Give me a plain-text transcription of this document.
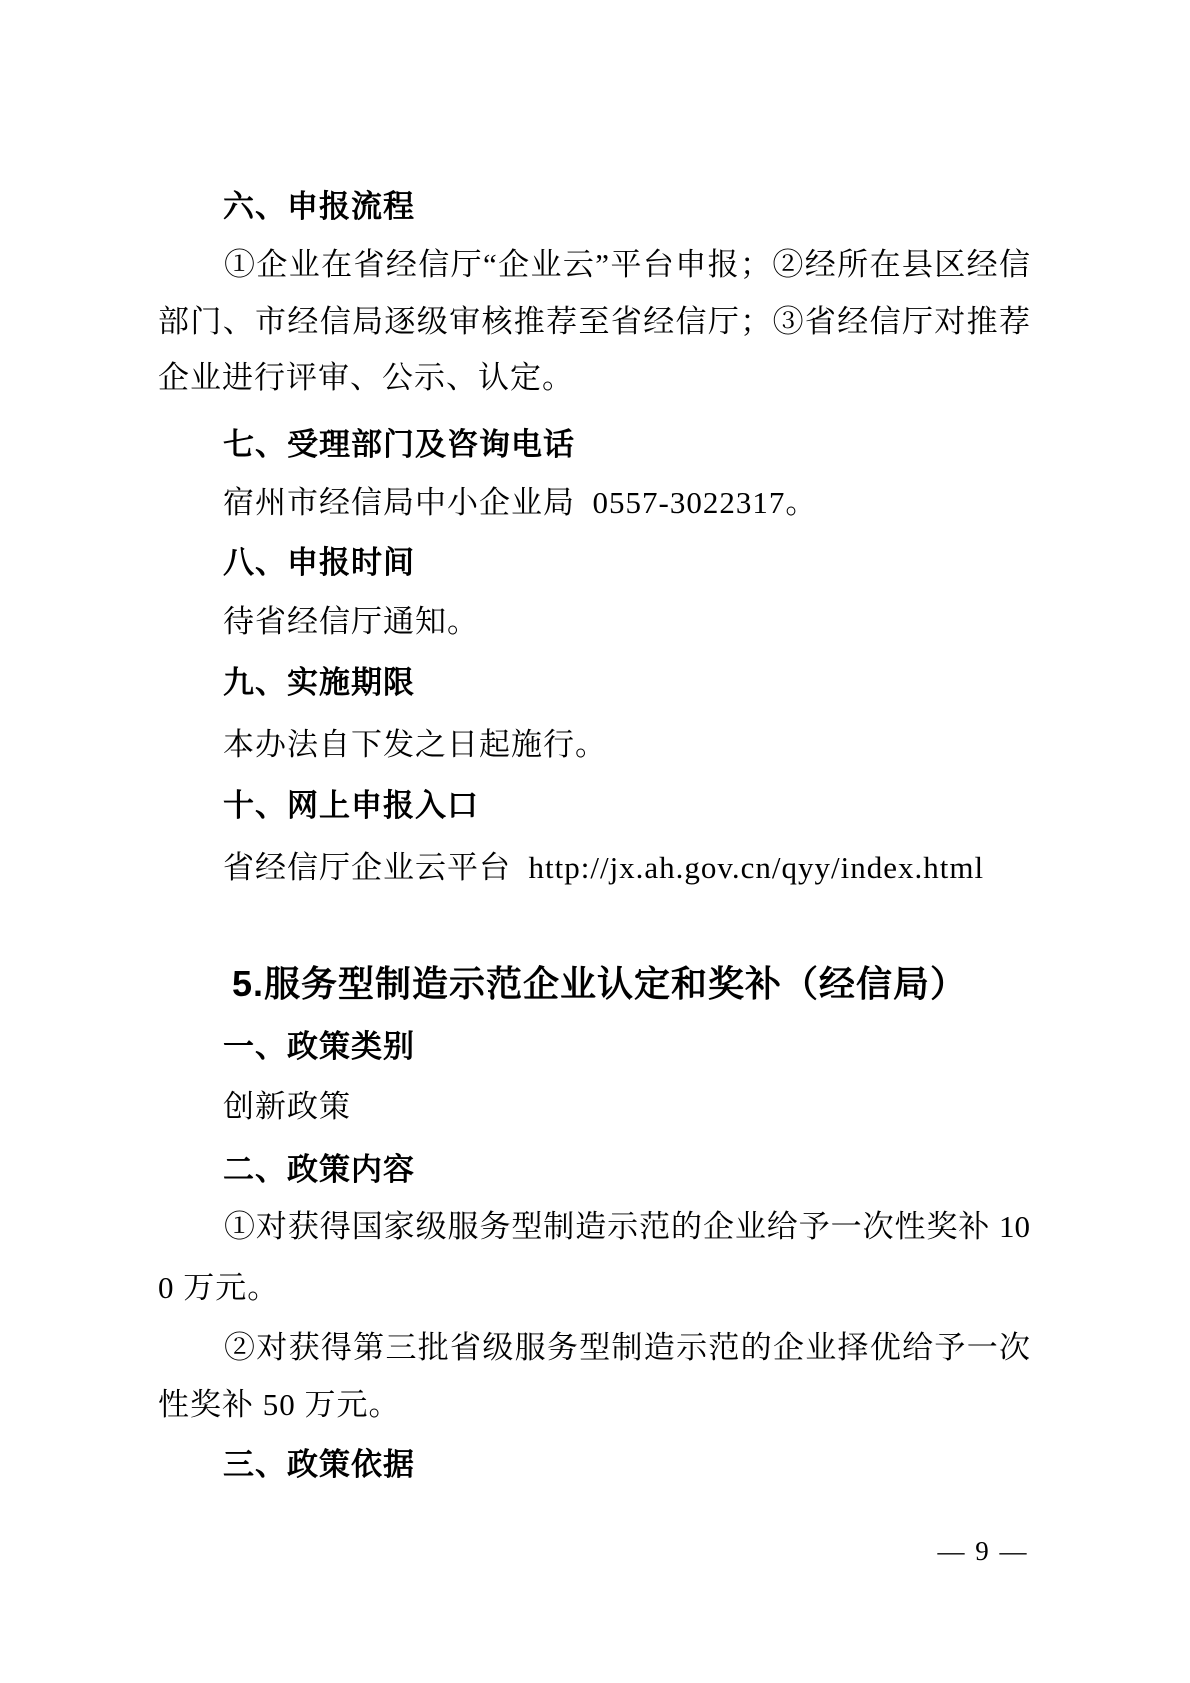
六、申报流程
①企业在省经信厅“企业云”平台申报；②经所在县区经信
部门、市经信局逐级审核推荐至省经信厅；③省经信厅对推荐
企业进行评审、公示、认定。
七、受理部门及咨询电话
宿州市经信局中小企业局  0557-3022317。
八、申报时间
待省经信厅通知。
九、实施期限
本办法自下发之日起施行。
十、网上申报入口
省经信厅企业云平台  http://jx.ah.gov.cn/qyy/index.html
5.服务型制造示范企业认定和奖补（经信局）
一、政策类别
创新政策
二、政策内容
①对获得国家级服务型制造示范的企业给予一次性奖补 10
0 万元。
②对获得第三批省级服务型制造示范的企业择优给予一次
性奖补 50 万元。
三、政策依据
— 9 —
